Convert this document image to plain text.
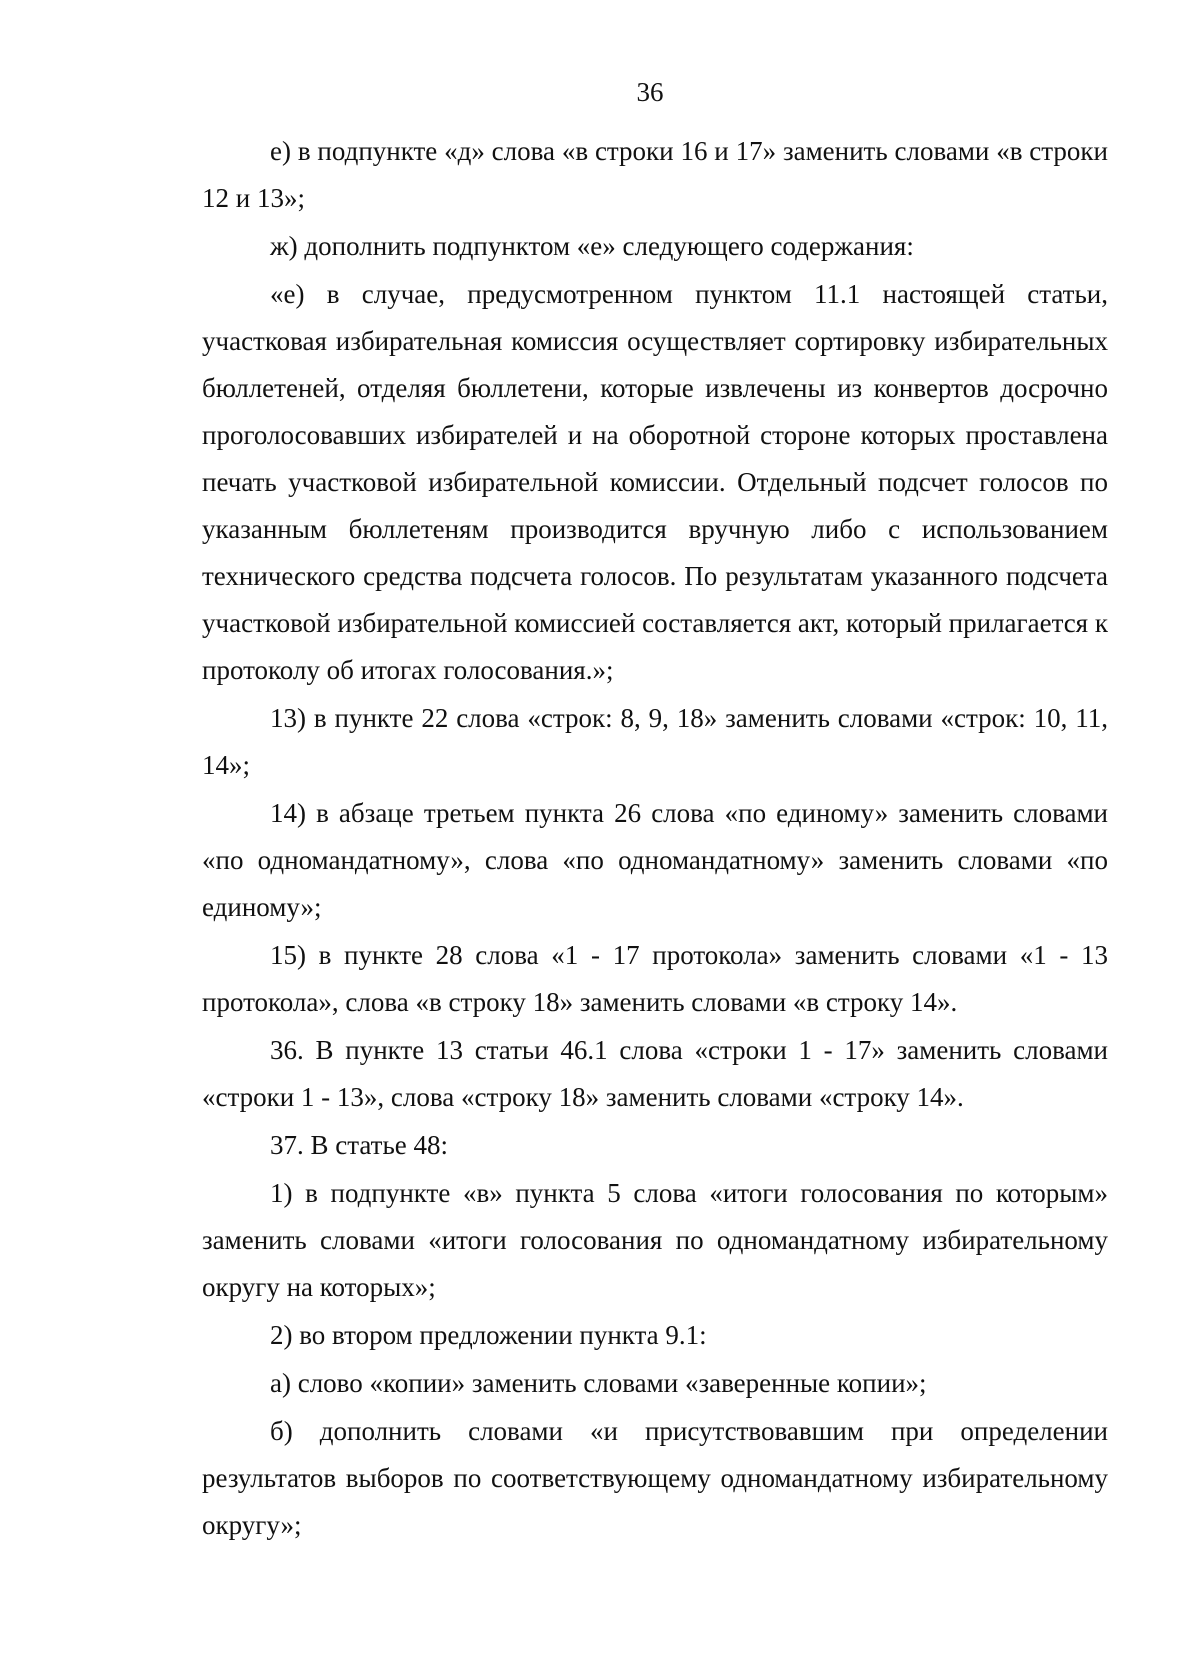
36

е) в подпункте «д» слова «в строки 16 и 17» заменить словами «в строки 12 и 13»;

ж) дополнить подпунктом «е» следующего содержания:

«е) в случае, предусмотренном пунктом 11.1 настоящей статьи, участковая избирательная комиссия осуществляет сортировку избирательных бюллетеней, отделяя бюллетени, которые извлечены из конвертов досрочно проголосовавших избирателей и на оборотной стороне которых проставлена печать участковой избирательной комиссии. Отдельный подсчет голосов по указанным бюллетеням производится вручную либо с использованием технического средства подсчета голосов. По результатам указанного подсчета участковой избирательной комиссией составляется акт, который прилагается к протоколу об итогах голосования.»;

13) в пункте 22 слова «строк: 8, 9, 18» заменить словами «строк: 10, 11, 14»;

14) в абзаце третьем пункта 26 слова «по единому» заменить словами «по одномандатному», слова «по одномандатному» заменить словами «по единому»;

15) в пункте 28 слова «1 - 17 протокола» заменить словами «1 - 13 протокола», слова «в строку 18» заменить словами «в строку 14».

36. В пункте 13 статьи 46.1 слова «строки 1 - 17» заменить словами «строки 1 - 13», слова «строку 18» заменить словами «строку 14».

37. В статье 48:

1) в подпункте «в» пункта 5 слова «итоги голосования по которым» заменить словами «итоги голосования по одномандатному избирательному округу на которых»;

2) во втором предложении пункта 9.1:

а) слово «копии» заменить словами «заверенные копии»;

б) дополнить словами «и присутствовавшим при определении результатов выборов по соответствующему одномандатному избирательному округу»;
